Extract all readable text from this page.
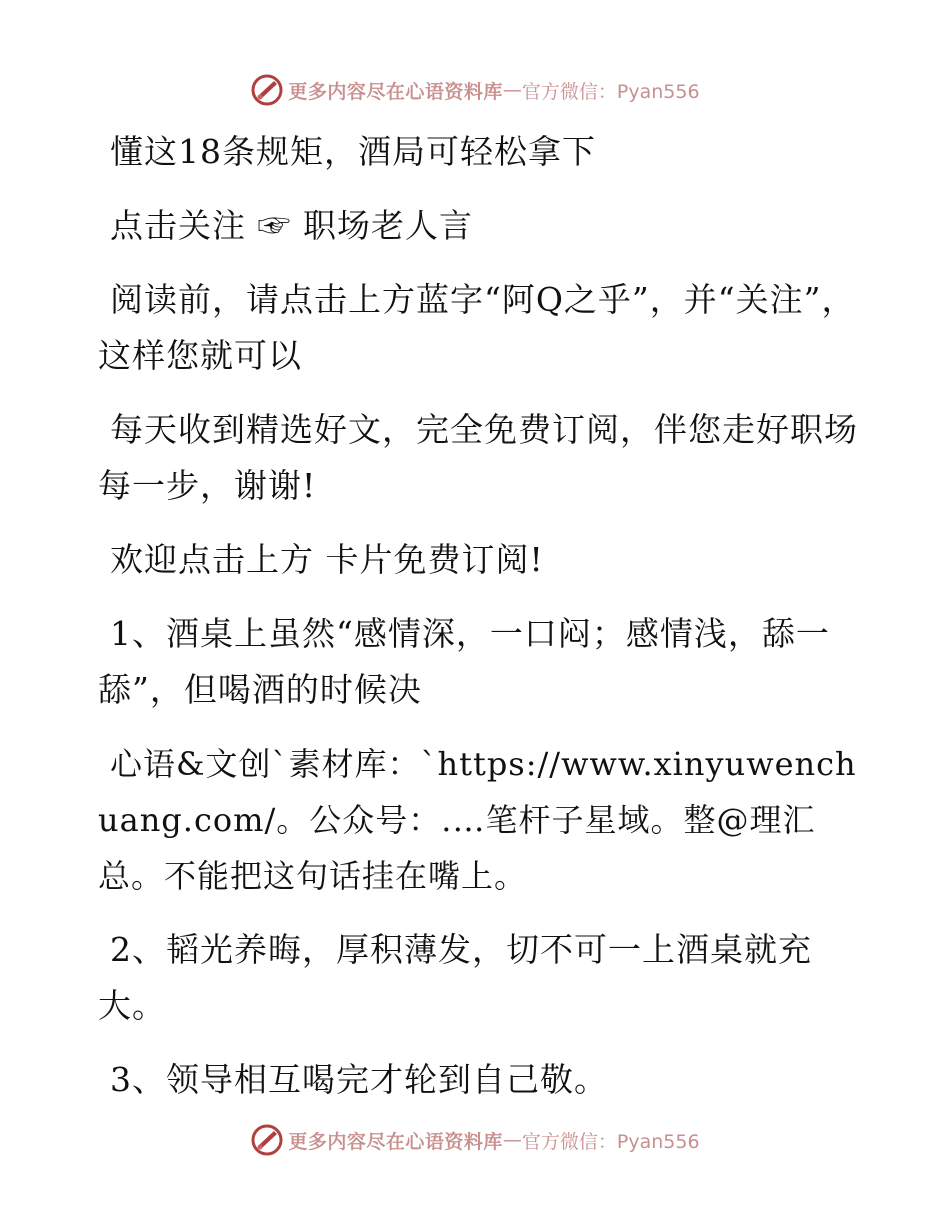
更多内容尽在心语资料库 — 官方微信：Pyan556

懂这18条规矩，酒局可轻松拿下

点击关注 ☞ 职场老人言

阅读前，请点击上方蓝字“阿Q之乎”，并“关注”，这样您就可以

每天收到精选好文，完全免费订阅，伴您走好职场每一步，谢谢!

欢迎点击上方 卡片免费订阅!

1、酒桌上虽然“感情深，一口闷；感情浅，舔一舔”，但喝酒的时候决

心语&文创`素材库：`https://www.xinyuwenchuang.com/。公众号：.…笔杆子星域。整@理汇总。不能把这句话挂在嘴上。

2、韬光养晦，厚积薄发，切不可一上酒桌就充大。

3、领导相互喝完才轮到自己敬。

更多内容尽在心语资料库 — 官方微信：Pyan556
